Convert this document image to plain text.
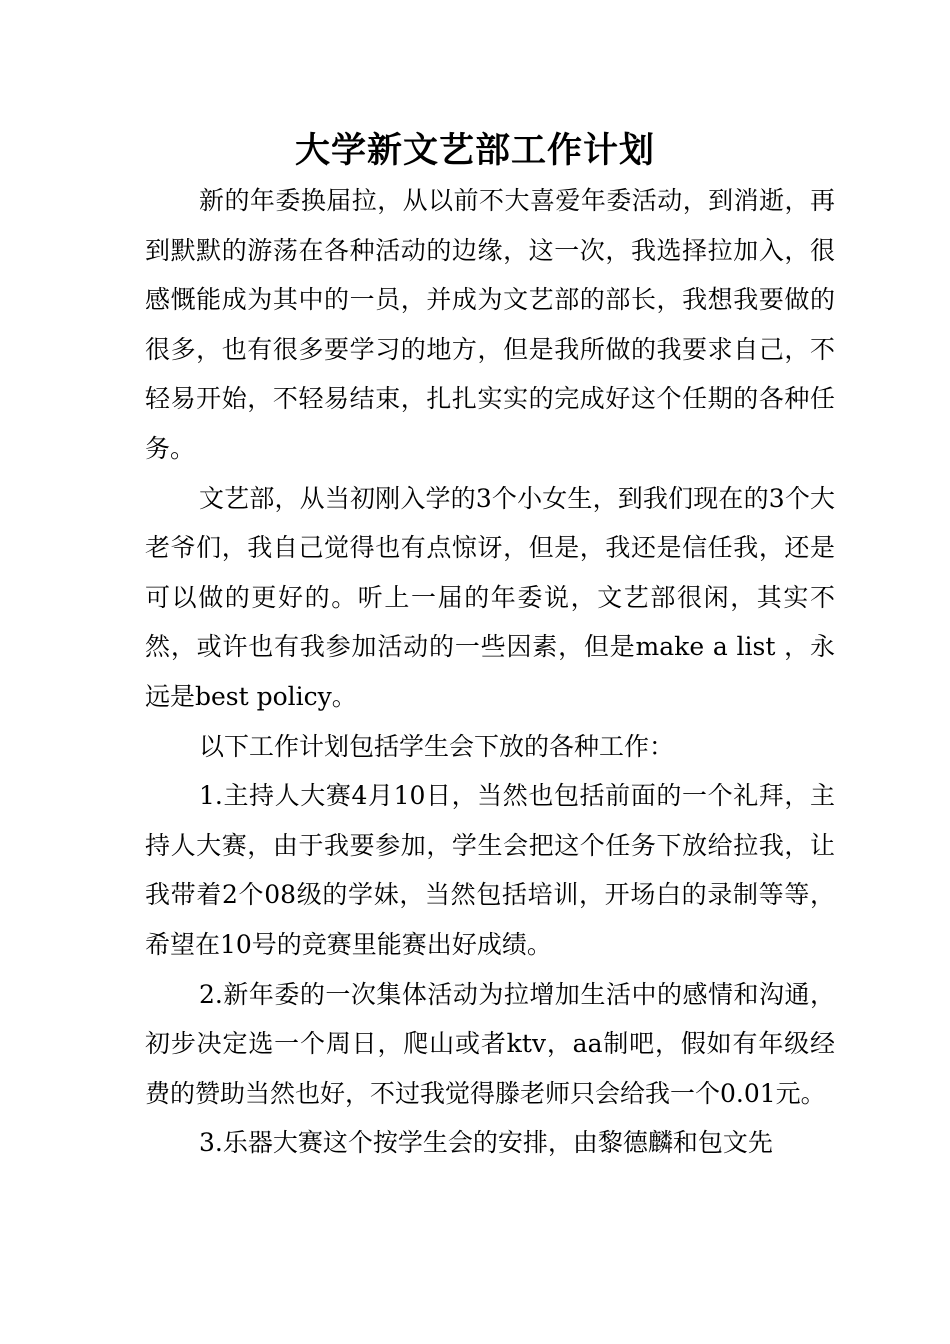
大学新文艺部工作计划

新的年委换届拉，从以前不大喜爱年委活动，到消逝，再到默默的游荡在各种活动的边缘，这一次，我选择拉加入，很感慨能成为其中的一员，并成为文艺部的部长，我想我要做的很多，也有很多要学习的地方，但是我所做的我要求自己，不轻易开始，不轻易结束，扎扎实实的完成好这个任期的各种任务。

文艺部，从当初刚入学的3个小女生，到我们现在的3个大老爷们，我自己觉得也有点惊讶，但是，我还是信任我，还是可以做的更好的。听上一届的年委说，文艺部很闲，其实不然，或许也有我参加活动的一些因素，但是make a list ，永远是best policy。

以下工作计划包括学生会下放的各种工作：

1.主持人大赛4月10日，当然也包括前面的一个礼拜，主持人大赛，由于我要参加，学生会把这个任务下放给拉我，让我带着2个08级的学妹，当然包括培训，开场白的录制等等，希望在10号的竞赛里能赛出好成绩。

2.新年委的一次集体活动为拉增加生活中的感情和沟通，初步决定选一个周日，爬山或者ktv，aa制吧，假如有年级经费的赞助当然也好，不过我觉得滕老师只会给我一个0.01元。

3.乐器大赛这个按学生会的安排，由黎德麟和包文先
